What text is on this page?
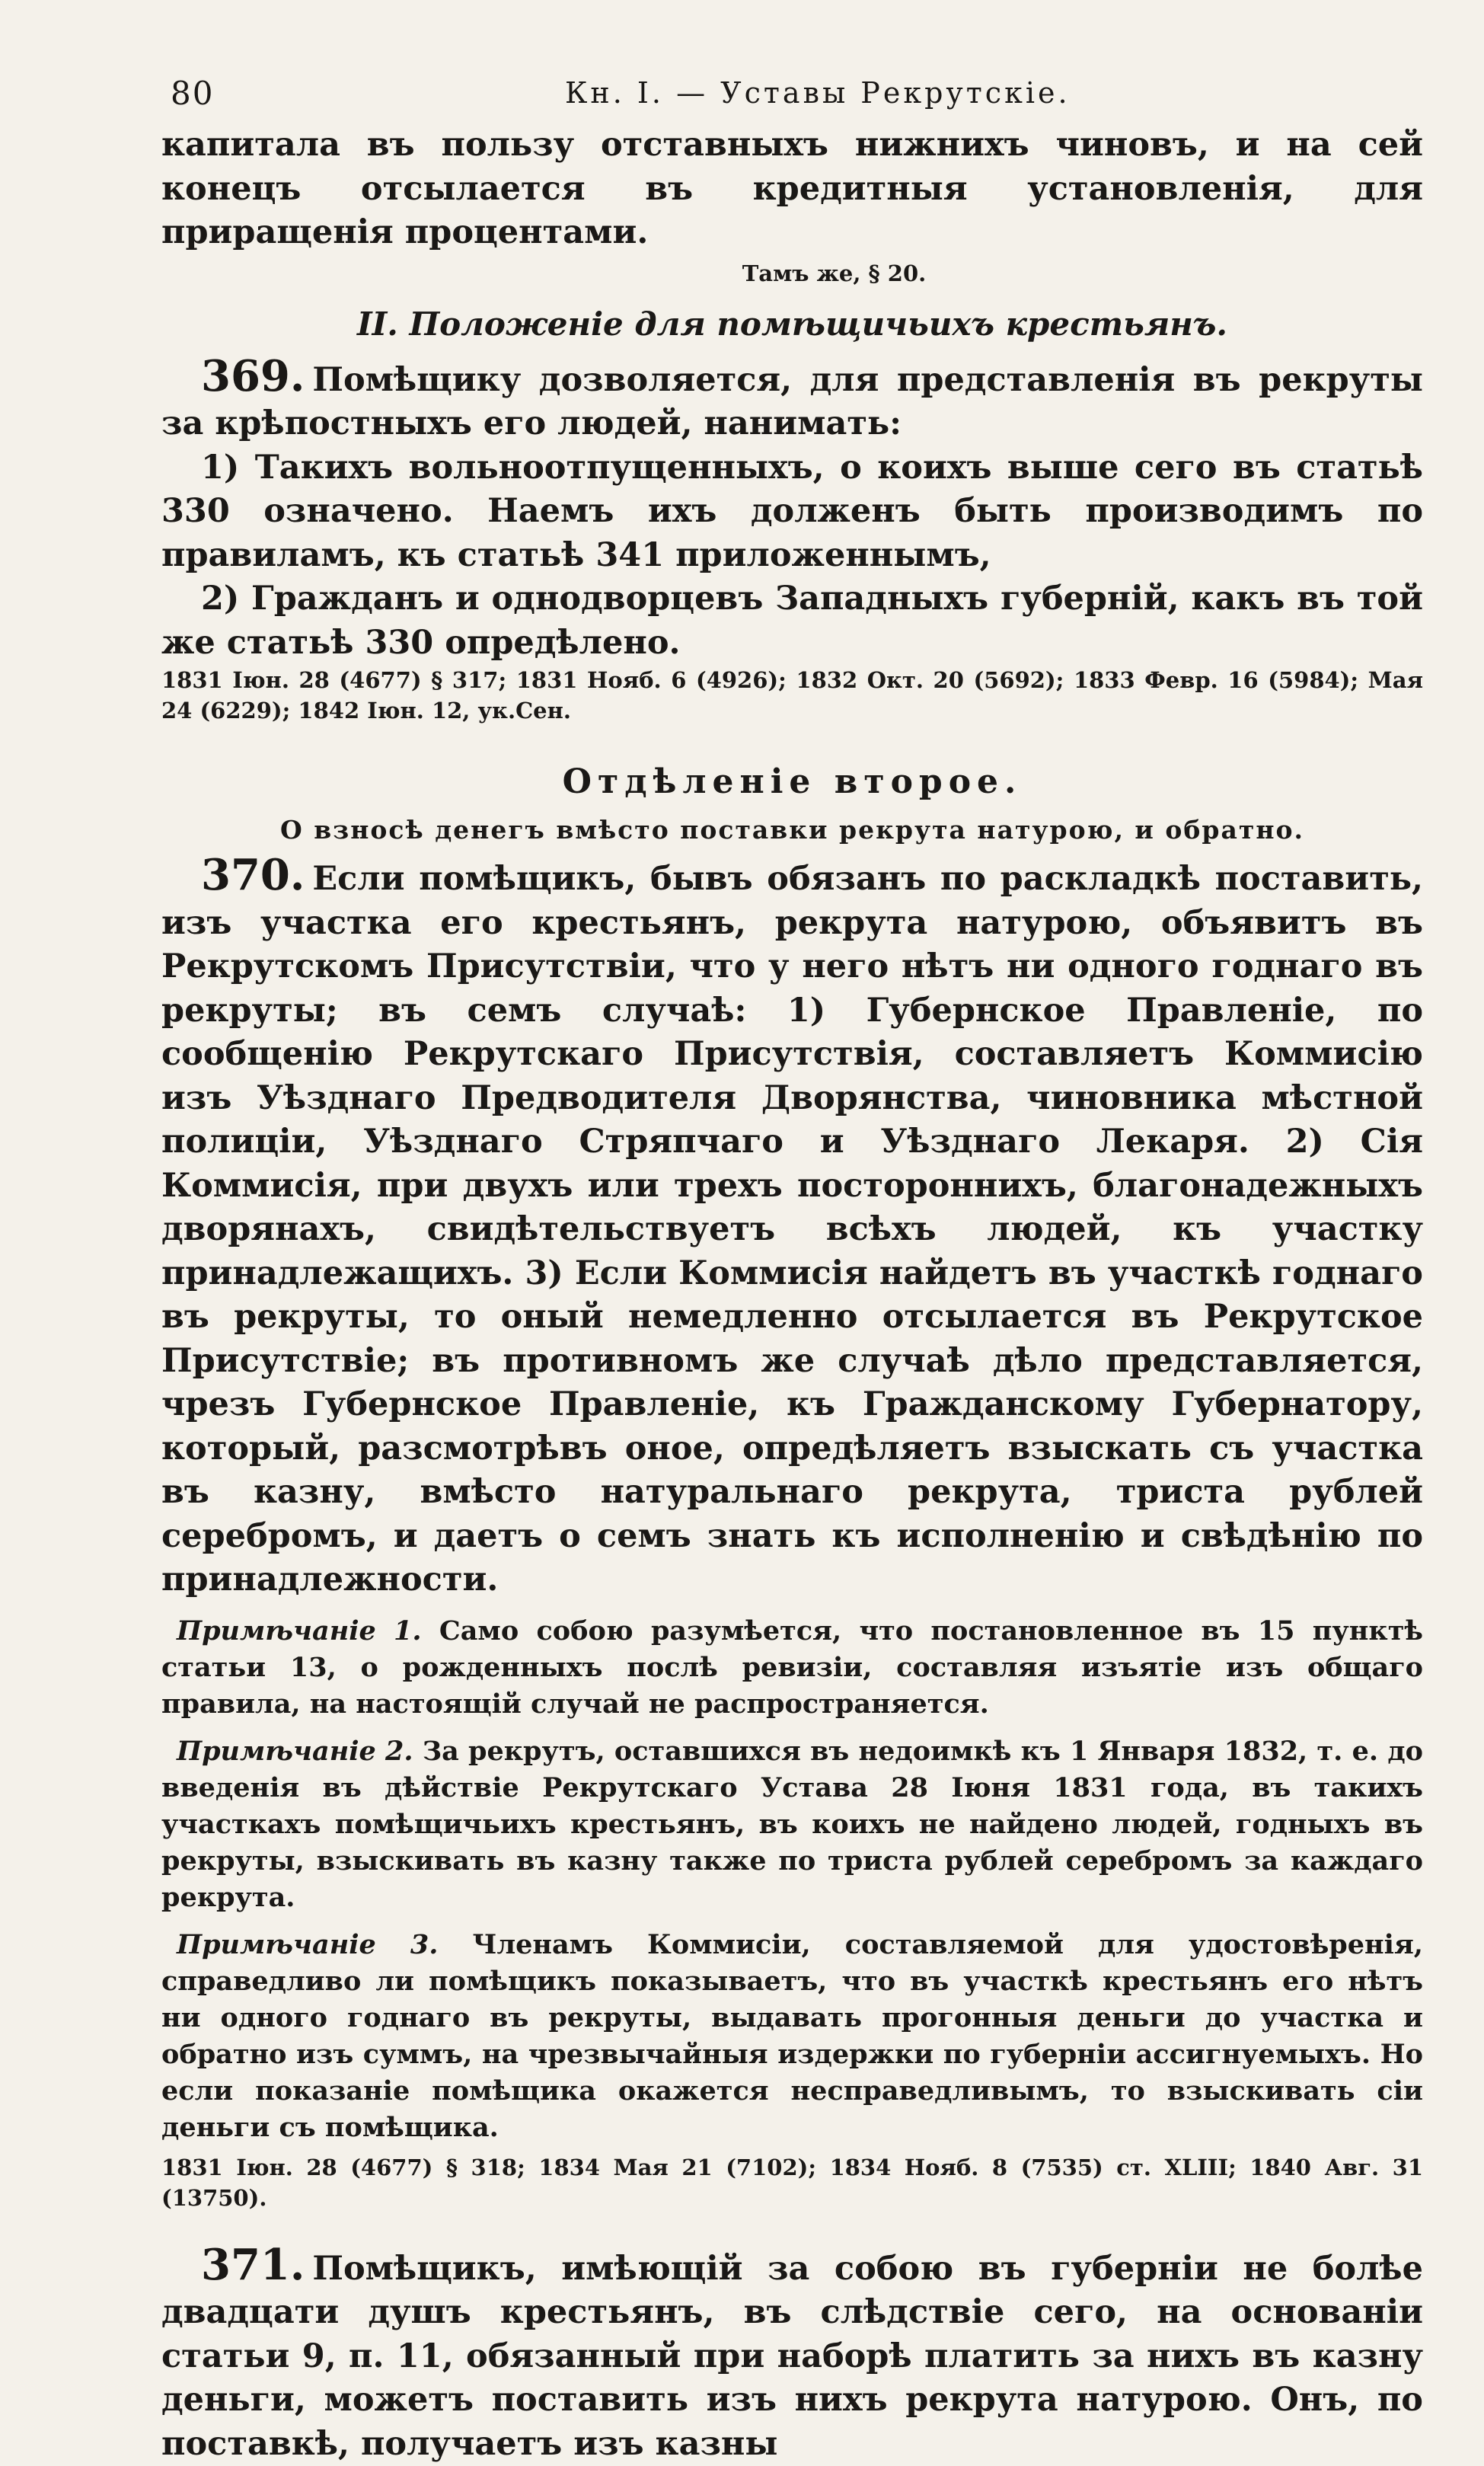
80	Кн. I. — Уставы Рекрутскіе.

капитала въ пользу отставныхъ нижнихъ чиновъ, и на сей конецъ отсылается въ кредитныя установленія, для приращенія процентами.

Тамъ же, § 20.
II. Положеніе для помѣщичьихъ крестьянъ.

369. Помѣщику дозволяется, для представленія въ рекруты за крѣпостныхъ его людей, нанимать:

1) Такихъ вольноотпущенныхъ, о коихъ выше сего въ статьѣ 330 означено. Наемъ ихъ долженъ быть производимъ по правиламъ, къ статьѣ 341 приложеннымъ,

2) Гражданъ и однодворцевъ Западныхъ губерній, какъ въ той же статьѣ 330 опредѣлено.

1831 Іюн. 28 (4677) § 317; 1831 Нояб. 6 (4926); 1832 Окт. 20 (5692); 1833 Февр. 16 (5984); Мая 24 (6229); 1842 Іюн. 12, ук.Сен.
Отдѣленіе второе.
О взносѣ денегъ вмѣсто поставки рекрута натурою, и обратно.

370. Если помѣщикъ, бывъ обязанъ по раскладкѣ поставить, изъ участка его крестьянъ, рекрута натурою, объявитъ въ Рекрутскомъ Присутствіи, что у него нѣтъ ни одного годнаго въ рекруты; въ семъ случаѣ: 1) Губернское Правленіе, по сообщенію Рекрутскаго Присутствія, составляетъ Коммисію изъ Уѣзднаго Предводителя Дворянства, чиновника мѣстной полиціи, Уѣзднаго Стряпчаго и Уѣзднаго Лекаря. 2) Сія Коммисія, при двухъ или трехъ постороннихъ, благонадежныхъ дворянахъ, свидѣтельствуетъ всѣхъ людей, къ участку принадлежащихъ. 3) Если Коммисія найдетъ въ участкѣ годнаго въ рекруты, то оный немедленно отсылается въ Рекрутское Присутствіе; въ противномъ же случаѣ дѣло представляется, чрезъ Губернское Правленіе, къ Гражданскому Губернатору, который, разсмотрѣвъ оное, опредѣляетъ взыскать съ участка въ казну, вмѣсто натуральнаго рекрута, триста рублей серебромъ, и даетъ о семъ знать къ исполненію и свѣдѣнію по принадлежности.

Примѣчаніе 1. Само собою разумѣется, что постановленное въ 15 пунктѣ статьи 13, о рожденныхъ послѣ ревизіи, составляя изъятіе изъ общаго правила, на настоящій случай не распространяется.

Примѣчаніе 2. За рекрутъ, оставшихся въ недоимкѣ къ 1 Января 1832, т. е. до введенія въ дѣйствіе Рекрутскаго Устава 28 Іюня 1831 года, въ такихъ участкахъ помѣщичьихъ крестьянъ, въ коихъ не найдено людей, годныхъ въ рекруты, взыскивать въ казну также по триста рублей серебромъ за каждаго рекрута.

Примѣчаніе 3. Членамъ Коммисіи, составляемой для удостовѣренія, справедливо ли помѣщикъ показываетъ, что въ участкѣ крестьянъ его нѣтъ ни одного годнаго въ рекруты, выдавать прогонныя деньги до участка и обратно изъ суммъ, на чрезвычайныя издержки по губерніи ассигнуемыхъ. Но если показаніе помѣщика окажется несправедливымъ, то взыскивать сіи деньги съ помѣщика.

1831 Іюн. 28 (4677) § 318; 1834 Мая 21 (7102); 1834 Нояб. 8 (7535) ст. XLIII; 1840 Авг. 31 (13750).

371. Помѣщикъ, имѣющій за собою въ губерніи не болѣе двадцати душъ крестьянъ, въ слѣдствіе сего, на основаніи статьи 9, п. 11, обязанный при наборѣ платить за нихъ въ казну деньги, можетъ поставить изъ нихъ рекрута натурою. Онъ, по поставкѣ, получаетъ изъ казны
